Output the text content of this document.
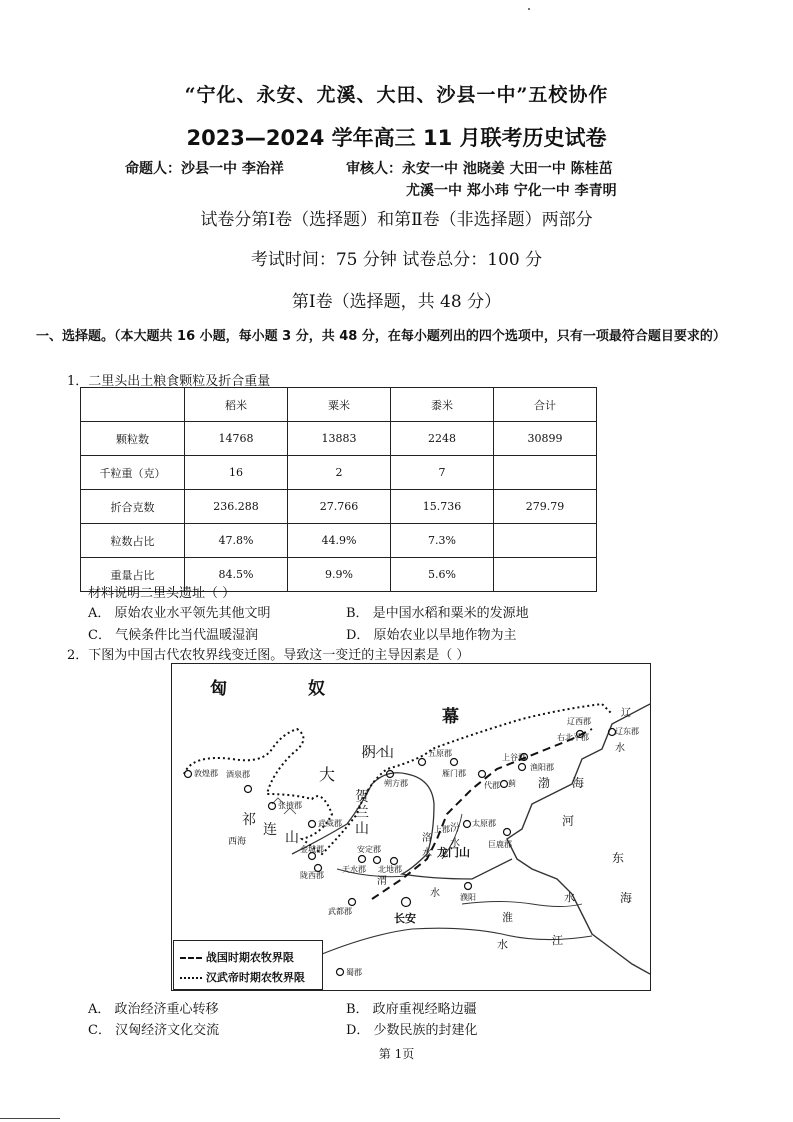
“宁化、永安、尤溪、大田、沙县一中”五校协作
2023—2024 学年高三 11 月联考历史试卷
命题人：沙县一中 李治祥	审核人：永安一中 池晓姜 大田一中 陈桂茁
尤溪一中 郑小玮 宁化一中 李青明
试卷分第Ⅰ卷（选择题）和第Ⅱ卷（非选择题）两部分
考试时间：75 分钟 试卷总分：100 分
第Ⅰ卷（选择题，共 48 分）
一、选择题。（本大题共 16 小题，每小题 3 分，共 48 分，在每小题列出的四个选项中，只有一项最符合题目要求的）
1．二里头出土粮食颗粒及折合重量
	稻米	粟米	黍米	合计
颗粒数	14768	13883	2248	30899
千粒重（克）	16	2	7	
折合克数	236.288	27.766	15.736	279.79
粒数占比	47.8%	44.9%	7.3%	
重量占比	84.5%	9.9%	5.6%	
材料说明二里头遗址（ ）
A． 原始农业水平领先其他文明	B． 是中国水稻和粟米的发源地
C． 气候条件比当代温暖湿润	D． 原始农业以旱地作物为主
2．下图为中国古代农牧界线变迁图。导致这一变迁的主导因素是（ ）
匈	奴
幕
大
祁
连 山
阴 山
贺
兰
山
渤 海
东
海
辽
水
河
淮
水
江
水
汾
水
洛
水
渭
水
龙门山
西海
敦煌郡 酒泉郡
张掖郡
武威郡
金城郡
陇西郡
天水郡
安定郡
北地郡
上郡
朔方郡
五原郡
雁门郡
代郡
上谷郡
渔阳郡
右北平郡
辽西郡
辽东郡
蓟
太原郡
巨鹿郡
濮阳
长安
武都郡
蜀郡
战国时期农牧界限
汉武帝时期农牧界限
A． 政治经济重心转移	B． 政府重视经略边疆
C． 汉匈经济文化交流	D． 少数民族的封建化
第 1页
